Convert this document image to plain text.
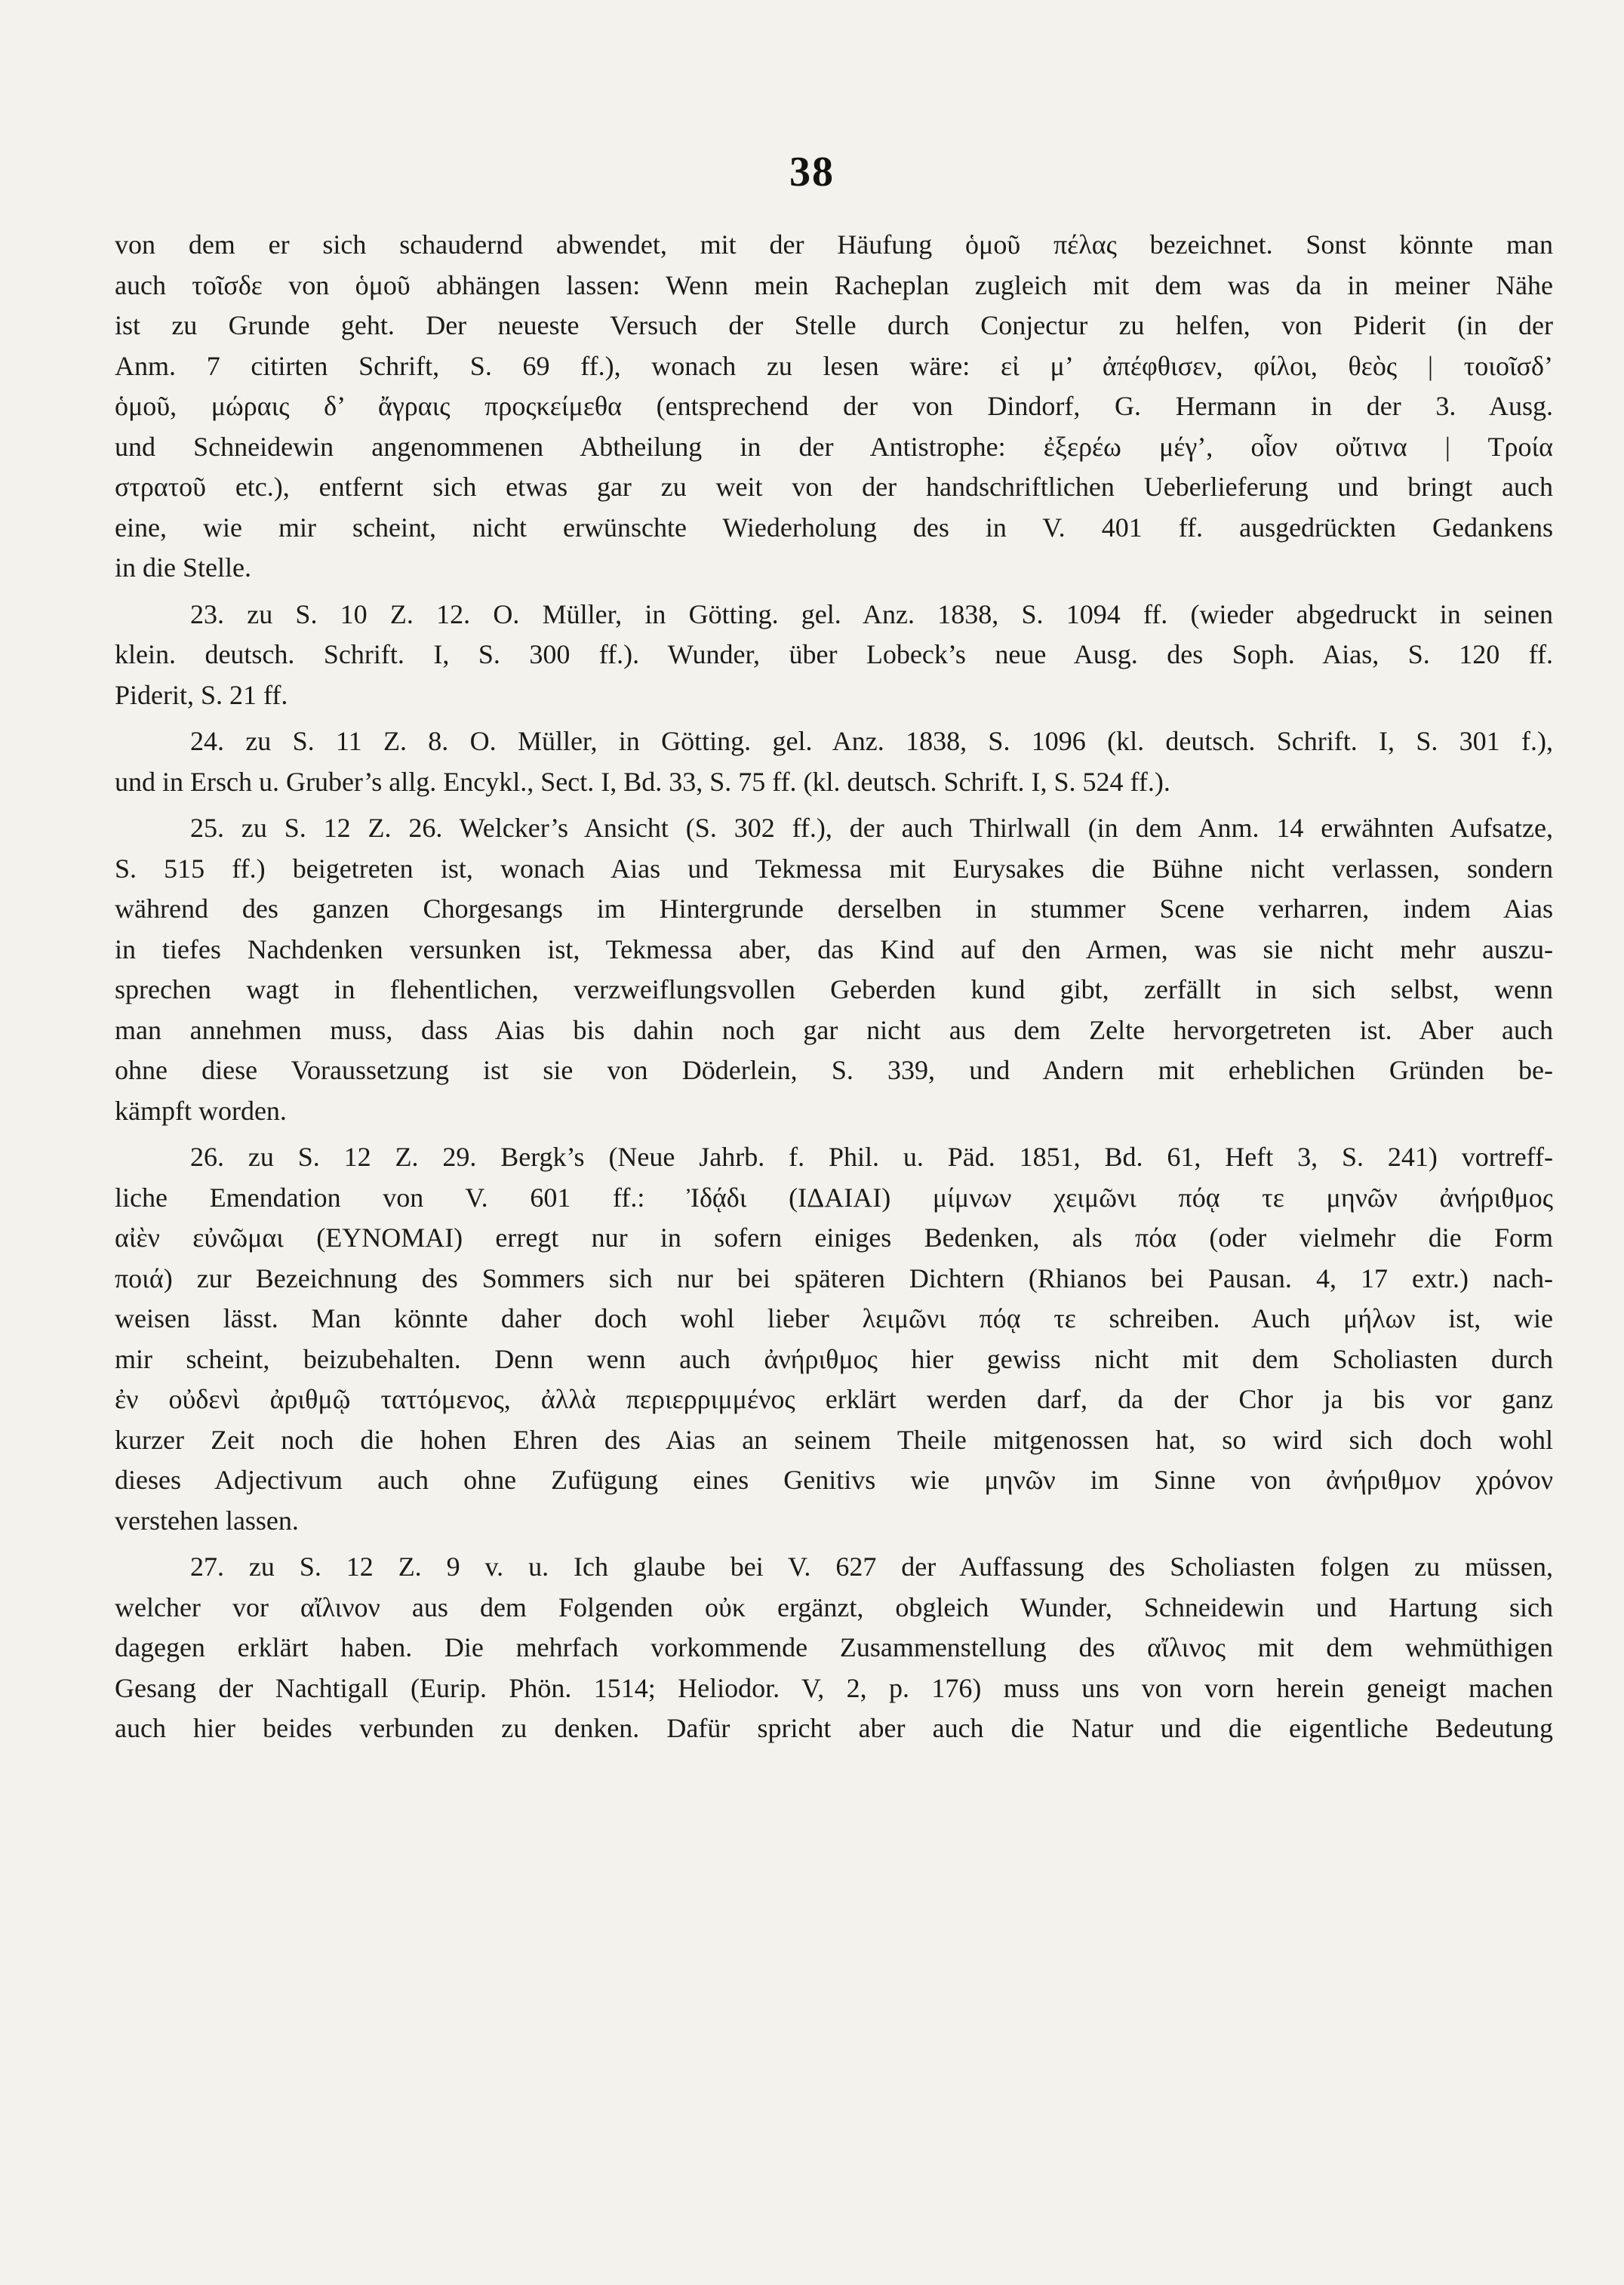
38
von dem er sich schaudernd abwendet, mit der Häufung ὁμοῦ πέλας bezeichnet. Sonst könnte man
auch τοῖσδε von ὁμοῦ abhängen lassen: Wenn mein Racheplan zugleich mit dem was da in meiner Nähe
ist zu Grunde geht. Der neueste Versuch der Stelle durch Conjectur zu helfen, von Piderit (in der
Anm. 7 citirten Schrift, S. 69 ff.), wonach zu lesen wäre: εἰ μ’ ἀπέφθισεν, φίλοι, θεὸς | τοιοῖσδ’
ὁμοῦ, μώραις δ’ ἄγραις προςκείμεθα (entsprechend der von Dindorf, G. Hermann in der 3. Ausg.
und Schneidewin angenommenen Abtheilung in der Antistrophe: ἐξερέω μέγ’, οἷον οὔτινα | Τροία
στρατοῦ etc.), entfernt sich etwas gar zu weit von der handschriftlichen Ueberlieferung und bringt auch
eine, wie mir scheint, nicht erwünschte Wiederholung des in V. 401 ff. ausgedrückten Gedankens
in die Stelle.
23. zu S. 10 Z. 12. O. Müller, in Götting. gel. Anz. 1838, S. 1094 ff. (wieder abgedruckt in seinen
klein. deutsch. Schrift. I, S. 300 ff.). Wunder, über Lobeck’s neue Ausg. des Soph. Aias, S. 120 ff.
Piderit, S. 21 ff.
24. zu S. 11 Z. 8. O. Müller, in Götting. gel. Anz. 1838, S. 1096 (kl. deutsch. Schrift. I, S. 301 f.),
und in Ersch u. Gruber’s allg. Encykl., Sect. I, Bd. 33, S. 75 ff. (kl. deutsch. Schrift. I, S. 524 ff.).
25. zu S. 12 Z. 26. Welcker’s Ansicht (S. 302 ff.), der auch Thirlwall (in dem Anm. 14 erwähnten Aufsatze,
S. 515 ff.) beigetreten ist, wonach Aias und Tekmessa mit Eurysakes die Bühne nicht verlassen, sondern
während des ganzen Chorgesangs im Hintergrunde derselben in stummer Scene verharren, indem Aias
in tiefes Nachdenken versunken ist, Tekmessa aber, das Kind auf den Armen, was sie nicht mehr auszu-
sprechen wagt in flehentlichen, verzweiflungsvollen Geberden kund gibt, zerfällt in sich selbst, wenn
man annehmen muss, dass Aias bis dahin noch gar nicht aus dem Zelte hervorgetreten ist. Aber auch
ohne diese Voraussetzung ist sie von Döderlein, S. 339, und Andern mit erheblichen Gründen be-
kämpft worden.
26. zu S. 12 Z. 29. Bergk’s (Neue Jahrb. f. Phil. u. Päd. 1851, Bd. 61, Heft 3, S. 241) vortreff-
liche Emendation von V. 601 ff.: Ἰδᾴδι (ΙΔΑΙΑΙ) μίμνων χειμῶνι πόᾳ τε μηνῶν ἀνήριθμος
αἰὲν εὐνῶμαι (ΕΥΝΟΜΑΙ) erregt nur in sofern einiges Bedenken, als πόα (oder vielmehr die Form
ποιά) zur Bezeichnung des Sommers sich nur bei späteren Dichtern (Rhianos bei Pausan. 4, 17 extr.) nach-
weisen lässt. Man könnte daher doch wohl lieber λειμῶνι πόᾳ τε schreiben. Auch μήλων ist, wie
mir scheint, beizubehalten. Denn wenn auch ἀνήριθμος hier gewiss nicht mit dem Scholiasten durch
ἐν οὐδενὶ ἀριθμῷ ταττόμενος, ἀλλὰ περιερριμμένος erklärt werden darf, da der Chor ja bis vor ganz
kurzer Zeit noch die hohen Ehren des Aias an seinem Theile mitgenossen hat, so wird sich doch wohl
dieses Adjectivum auch ohne Zufügung eines Genitivs wie μηνῶν im Sinne von ἀνήριθμον χρόνον
verstehen lassen.
27. zu S. 12 Z. 9 v. u. Ich glaube bei V. 627 der Auffassung des Scholiasten folgen zu müssen,
welcher vor αἴλινον aus dem Folgenden οὐκ ergänzt, obgleich Wunder, Schneidewin und Hartung sich
dagegen erklärt haben. Die mehrfach vorkommende Zusammenstellung des αἴλινος mit dem wehmüthigen
Gesang der Nachtigall (Eurip. Phön. 1514; Heliodor. V, 2, p. 176) muss uns von vorn herein geneigt machen
auch hier beides verbunden zu denken. Dafür spricht aber auch die Natur und die eigentliche Bedeutung
